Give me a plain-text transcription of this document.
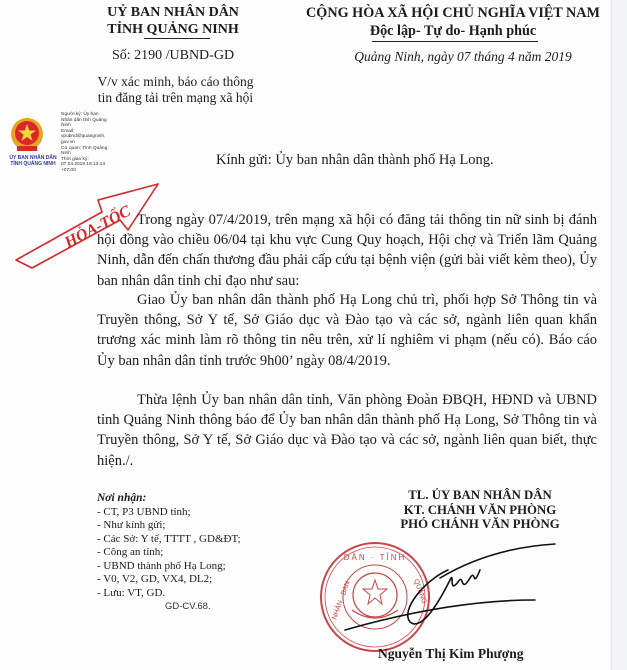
UỶ BAN NHÂN DÂN
TỈNH QUẢNG NINH
Số: 2190 /UBND-GD
V/v xác minh, báo cáo thông
tin đăng tải trên mạng xã hội
CỘNG HÒA XÃ HỘI CHỦ NGHĨA VIỆT NAM
Độc lập- Tự do- Hạnh phúc
Quảng Ninh, ngày 07 tháng 4 năm 2019
ỦY BAN NHÂN DÂN
TỈNH QUẢNG NINH
Người ký: Ủy ban
Nhân dân tỉnh Quảng
Ninh
Email:
vpubnd@quangninh.
gov.vn
Cơ quan: Tỉnh Quảng
Ninh
Thời gian ký:
07.04.2019 18:13:14
+07:00
HỎA-TỐC
Kính gửi: Ủy ban nhân dân thành phố Hạ Long.
Trong ngày 07/4/2019, trên mạng xã hội có đăng tải thông tin nữ sinh bị đánh hội đồng vào chiều 06/04 tại khu vực Cung Quy hoạch, Hội chợ và Triển lãm Quảng Ninh, dẫn đến chấn thương đầu phải cấp cứu tại bệnh viện (gửi bài viết kèm theo), Ủy ban nhân dân tỉnh chỉ đạo như sau:
Giao Ủy ban nhân dân thành phố Hạ Long chủ trì, phối hợp Sở Thông tin và Truyền thông, Sở Y tế, Sở Giáo dục và Đào tạo và các sở, ngành liên quan khẩn trương xác minh làm rõ thông tin nêu trên, xử lí nghiêm vi phạm (nếu có). Báo cáo Ủy ban nhân dân tỉnh trước 9h00’ ngày 08/4/2019.
Thừa lệnh Ủy ban nhân dân tỉnh, Văn phòng Đoàn ĐBQH, HĐND và UBND tỉnh Quảng Ninh thông báo để Ủy ban nhân dân thành phố Hạ Long, Sở Thông tin và Truyền thông, Sở Y tế, Sở Giáo dục và Đào tạo và các sở, ngành liên quan biết, thực hiện./.
Nơi nhận:
- CT, P3 UBND tỉnh;
- Như kính gửi;
- Các Sở: Y tế, TTTT , GD&ĐT;
- Công an tỉnh;
- UBND thành phố Hạ Long;
- V0, V2, GD, VX4, DL2;
- Lưu: VT, GD.
GD-CV.68.
TL. ỦY BAN NHÂN DÂN
KT. CHÁNH VĂN PHÒNG
PHÓ CHÁNH VĂN PHÒNG
DÂN · TỈNH
NHÂN · BAN	QUẢNG
Nguyễn Thị Kim Phượng
